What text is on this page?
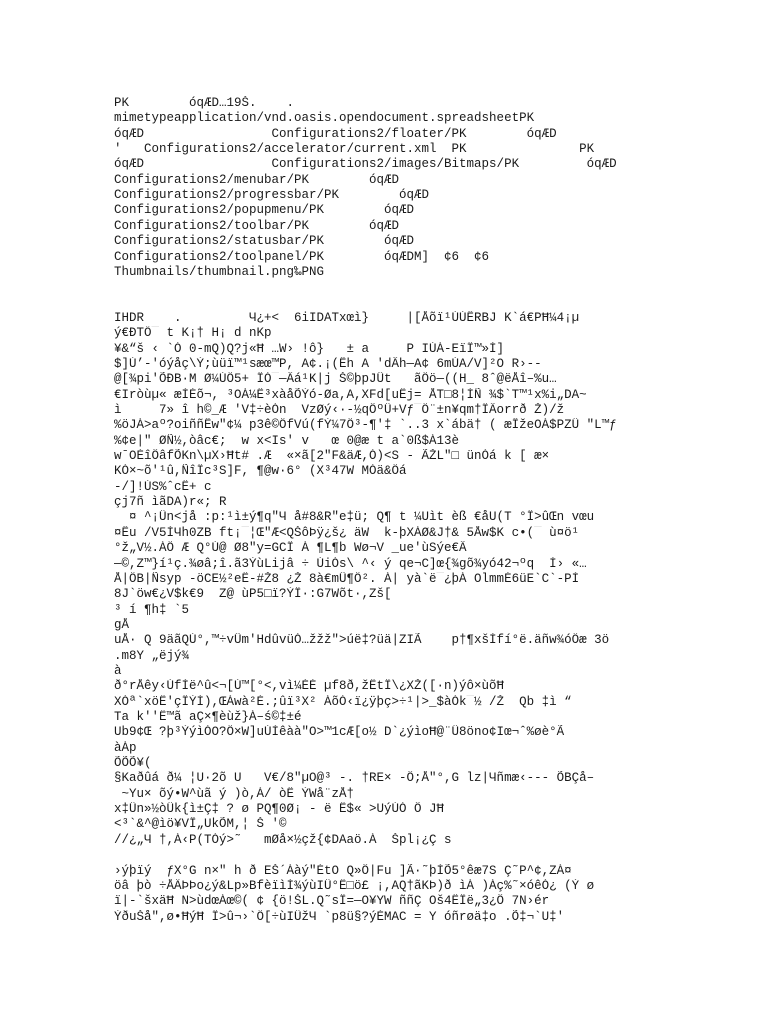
PK        óqÆD…19Š.    .
mimetypeapplication/vnd.oasis.opendocument.spreadsheetPK
óqÆD                 Configurations2/floater/PK        óqÆD
'   Configurations2/accelerator/current.xml  PK               PK
óqÆD                 Configurations2/images/Bitmaps/PK         óqÆD
Configurations2/menubar/PK        óqÆD
Configurations2/progressbar/PK        óqÆD
Configurations2/popupmenu/PK        óqÆD
Configurations2/toolbar/PK        óqÆD
Configurations2/statusbar/PK        óqÆD
Configurations2/toolpanel/PK        óqÆDM]  ¢6  ¢6
Thumbnails/thumbnail.png‰PNG
IHDR    .         Ч¿+<  6iIDATxœì}     |[Åõï¹ÙÙÊRBJ K`á€PĦ¼4¡µ
ý€ÐTŐ¯ t K¡† H¡ d nKp
¥&“š ‹ `Ó 0-mQ)Q?j«Ħ …W› !ô}   ± a     P IÙÀ-EïÏ™»Ì]
$]Ù’-'óýåç\Ý;ùüï™¹sæœ™P, A¢.¡(Êh A 'dÂh—A¢ 6mÚA/V]²O R›--
@[¾pi'ÕÐB·M Ø¼ÙÖ5+ ÏÓ¯—Âá¹K|j Š©þpJÛt   ãÖö—((H_ 8ˆ@ëÅî–%u…
€Iròùµ« æÍÉõ¬, ³OÀ¼Ë³xàåÕÝó-Øa,A,XFd[uËj= ÅT□8¦ÌÑ ¾$`T™¹x%i„DA~
ì     7» î h©_Æ 'V‡÷èÒn  VzØý‹·-½qÔºÜ+Vƒ¯Ö¨±n¥qm†ÏÂorrð Ž)/ž
%öJÀ>aº?oiññÊw"¢¼ p3ê©ÖfVú(fÝ¼7Ö³-¶'‡ `..3 x`ábä† ( æÎžeOÀ$PZÜ "L™ƒ
%¢e|" ØÑ½,òâc€;  w x<Is' v   œ 0@æ t a`0ß$À13è
wˉOÈîÔâfÕKn\µX›Ħt# .Æ  «×ã[2"F&äÆ,Ò)<S - ÃŽL"□ ünÓá k [ æ×
KÓ×~õ'¹û,ÑîÏc³S]F, ¶@w·6° (X³47W MÒä&Öá
-/]!ÙS%ˆcË+ c
çj7ñ ìãDA)r«; R
¤ ^¡Ün<jå :p:¹ì±ý¶q"Ч å#8&R"e‡ü; Q¶ t ¼Uìt èß €åU(T °Ï>ûŒn vœu
¤Êu /V5ÍЧh0ZB ft¡¯¦Œ"Æ<QŠôÞÿ¿š¿ äW  k-þXÁØ&J†& 5Åw$K c•(¯ ù¤ö¹
°ž„V½.ÀÖ Æ Q°Ù@ Ø8"y=GCÏ À ¶L¶b Wø¬V _ue'ùSýe€Â
—©,Z™}í¹ç.¾øâ;î.ã3ÝùLijâ ÷ ÙiÒs\ ^‹ ý qe¬C]œ{¾gõ¾yó42¬ºq  Ì› «…
Å|ÖB|Ñsyp -öCE½²eË-#Ž8 ¿Ž 8à€mÛ¶Ö². À| yà`ë¯¿þÀ OlmmÉ6üE`C`-PÍ
8J`öw€¿V$k€9  Z@ ùP5□ï?ÝÏ·:G7Wõt·,Zš[
³ í ¶h‡ `5
gÅ
uÅ· Q 9äãQÙ°,™÷vÛm'HdûvüÒ…žžž">úë‡?üä|ZIÃ    p†¶xšÍfí°ë.äñw¾óÖæ 3ö
.m8Y „ëjý¾
à
ð°rÅêy‹ÚfÍë^û<¬[Ù™[°<,vì¼ÉÈ µf8ð,žËtÏ\¿XŽ([·n)ýô×ùõĦ
XÒª`xöË'çÏÝÌ),ŒÁwà²È.;ûï³X² ÀõÓ‹ï¿ÿþç>÷¹|>_$àÓk¯½ /Ž  Qb ‡ì “
Ta k''Ë™ã aÇ×¶èùž}À–ś©‡±é
Ub9¢Œ ?þ³ÝýìÒO?Ö×W]uÙÍêàà"O>™1cÆ[o½ D`¿ýìoĦ@¨Ü8öno¢Iœ¬ˆ%øè°Ã
àÀp
ÕÕÕ¥(
§Kaðûá ð¼ ¦U·2õ U   V€/8"µO@³ -. †RE× -Ô;Å"°,G lz|Чñmæ‹--- ÕBÇå–
~Yu× õý•W^ùã ý )ò,Á/ òË ÝWå¨zÅ†
x‡Ün»½òÜk{ì±Ç‡ ? ø PQ¶0Ø¡ - ë Ë$« >UýÚÓ Ô JĦ
<³`&^@ìö¥VÎ„UkÕM,¦ Š '©
//¿„Ч †,À‹P(TÓý>˜   mØå×½çž{¢DAaö.À  Špl¡¿Ç s
›ýþïý  ƒX°G n×" h ð EŠ´Ààý"ÉtO Q»Ô|Fu ]Ã·˜þÍÕ5°êæ7S Ç˜P^¢,ZÀ¤
öâ þò ÷ÅÄÞÞo¿ý&Lp»BfèïìÌ¾ýùIÜ°Ë□ö£ ¡,AQ†ãKÞ)ð ìÀ )Àç%˜×óêÒ¿ (Ý ø
ï|-`šxäĦ N>ùdœÀœ©( ¢ {ö!ŠL.Q˜sÏ=—O¥YW ññÇ Oš4ËÏë„3¿Ô 7N›ér
ÝðuŠå",ø•ĦýĦ Ï>û¬›`Ö[÷ùIÜžЧ `p8ü§?ýÈMAC = Y óñrøä‡o .Õ‡¬`U‡'
